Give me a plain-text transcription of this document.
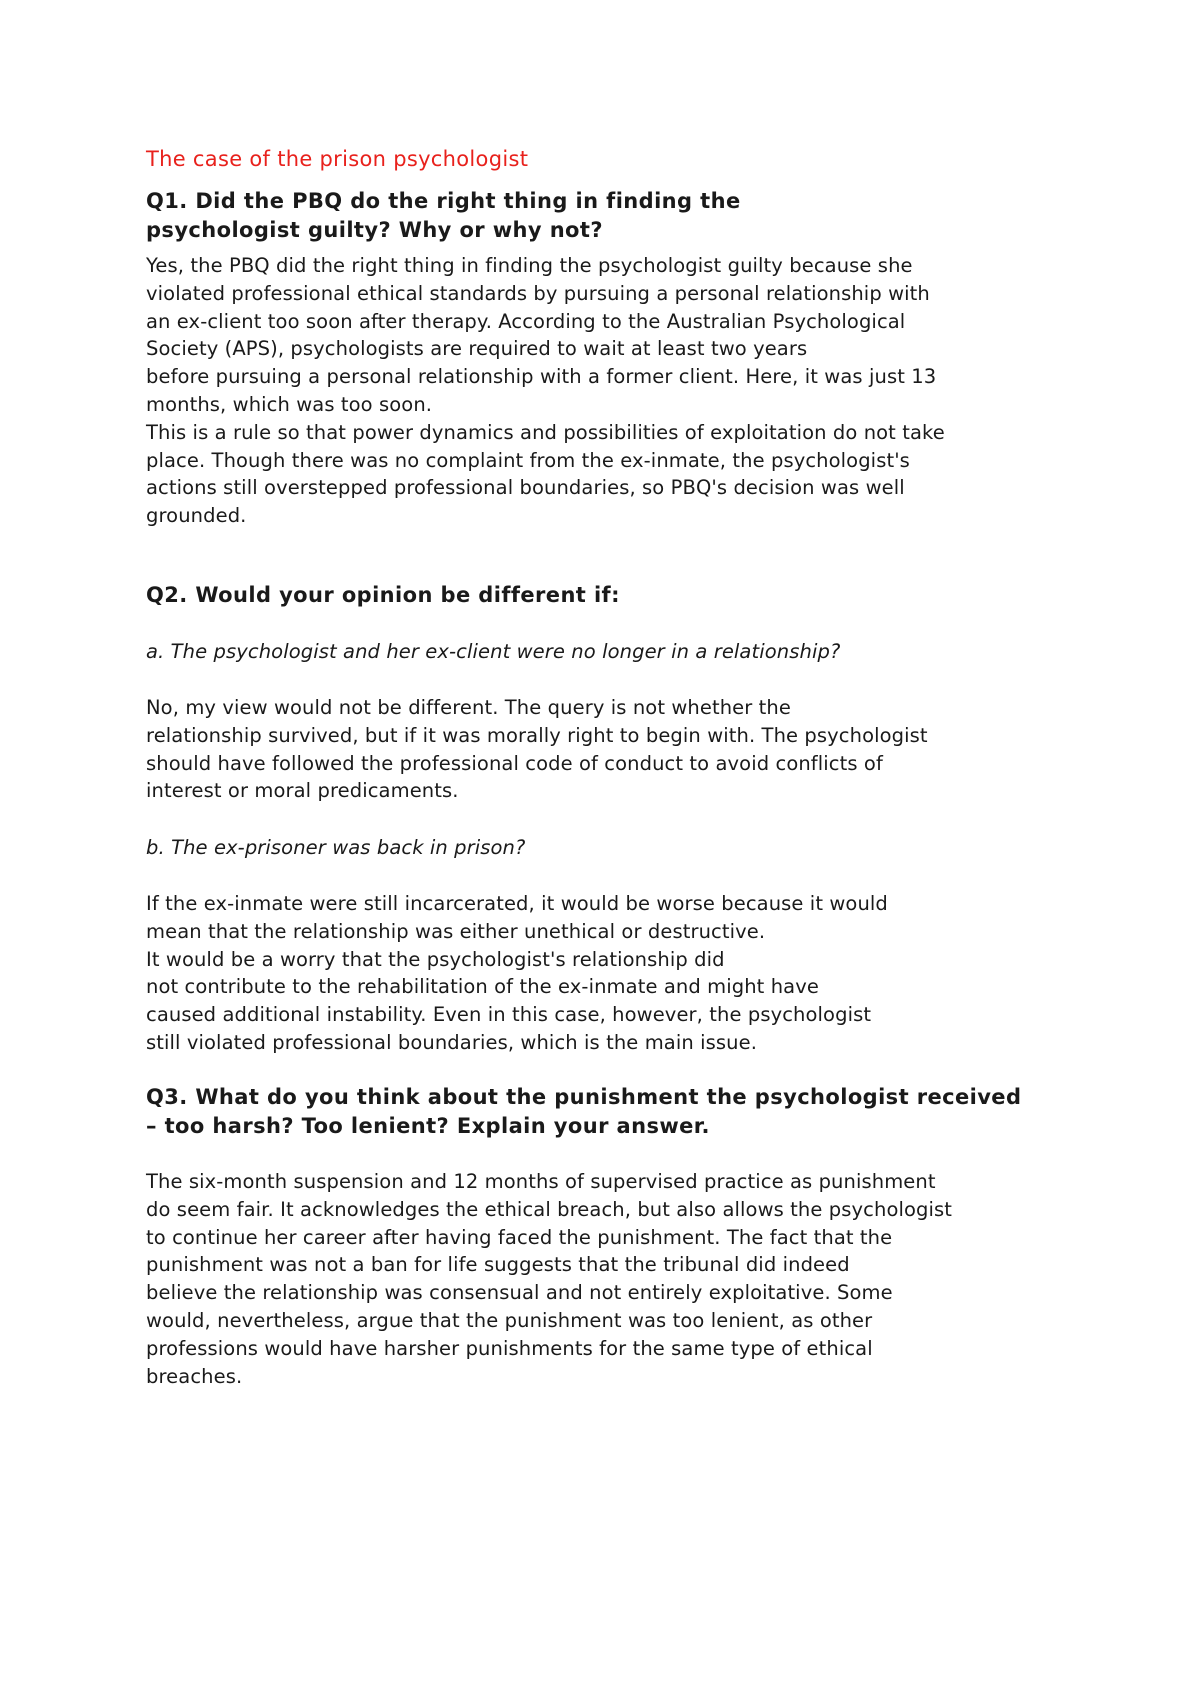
The case of the prison psychologist
Q1. Did the PBQ do the right thing in finding the
psychologist guilty? Why or why not?
Yes, the PBQ did the right thing in finding the psychologist guilty because she
violated professional ethical standards by pursuing a personal relationship with
an ex-client too soon after therapy. According to the Australian Psychological
Society (APS), psychologists are required to wait at least two years
before pursuing a personal relationship with a former client. Here, it was just 13
months, which was too soon.
This is a rule so that power dynamics and possibilities of exploitation do not take
place. Though there was no complaint from the ex-inmate, the psychologist's
actions still overstepped professional boundaries, so PBQ's decision was well
grounded.
Q2. Would your opinion be different if:
a. The psychologist and her ex-client were no longer in a relationship?
No, my view would not be different. The query is not whether the
relationship survived, but if it was morally right to begin with. The psychologist
should have followed the professional code of conduct to avoid conflicts of
interest or moral predicaments.
b. The ex-prisoner was back in prison?
If the ex-inmate were still incarcerated, it would be worse because it would
mean that the relationship was either unethical or destructive.
It would be a worry that the psychologist's relationship did
not contribute to the rehabilitation of the ex-inmate and might have
caused additional instability. Even in this case, however, the psychologist
still violated professional boundaries, which is the main issue.
Q3. What do you think about the punishment the psychologist received
– too harsh? Too lenient? Explain your answer.
The six-month suspension and 12 months of supervised practice as punishment
do seem fair. It acknowledges the ethical breach, but also allows the psychologist
to continue her career after having faced the punishment. The fact that the
punishment was not a ban for life suggests that the tribunal did indeed
believe the relationship was consensual and not entirely exploitative. Some
would, nevertheless, argue that the punishment was too lenient, as other
professions would have harsher punishments for the same type of ethical
breaches.
